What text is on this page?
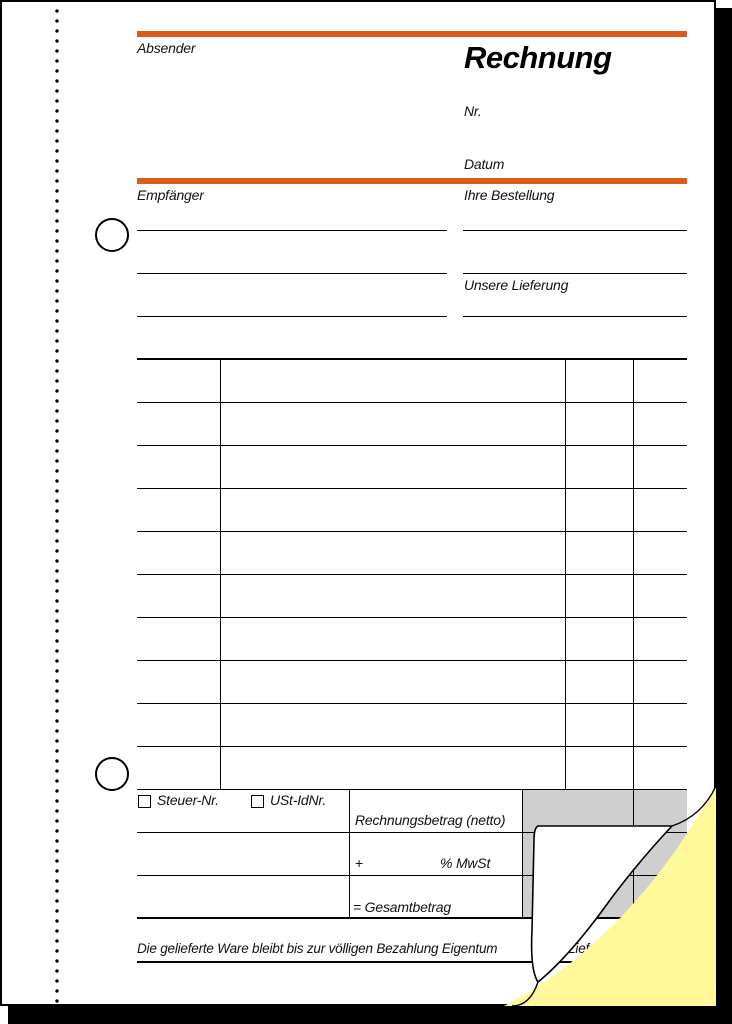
Absender	Rechnung
Nr.
Datum
Empfänger	Ihre Bestellung
Unsere Lieferung
Steuer-Nr.	USt-IdNr.
Rechnungsbetrag (netto)
+	% MwSt
= Gesamtbetrag
Die gelieferte Ware bleibt bis zur völligen Bezahlung Eigentum
